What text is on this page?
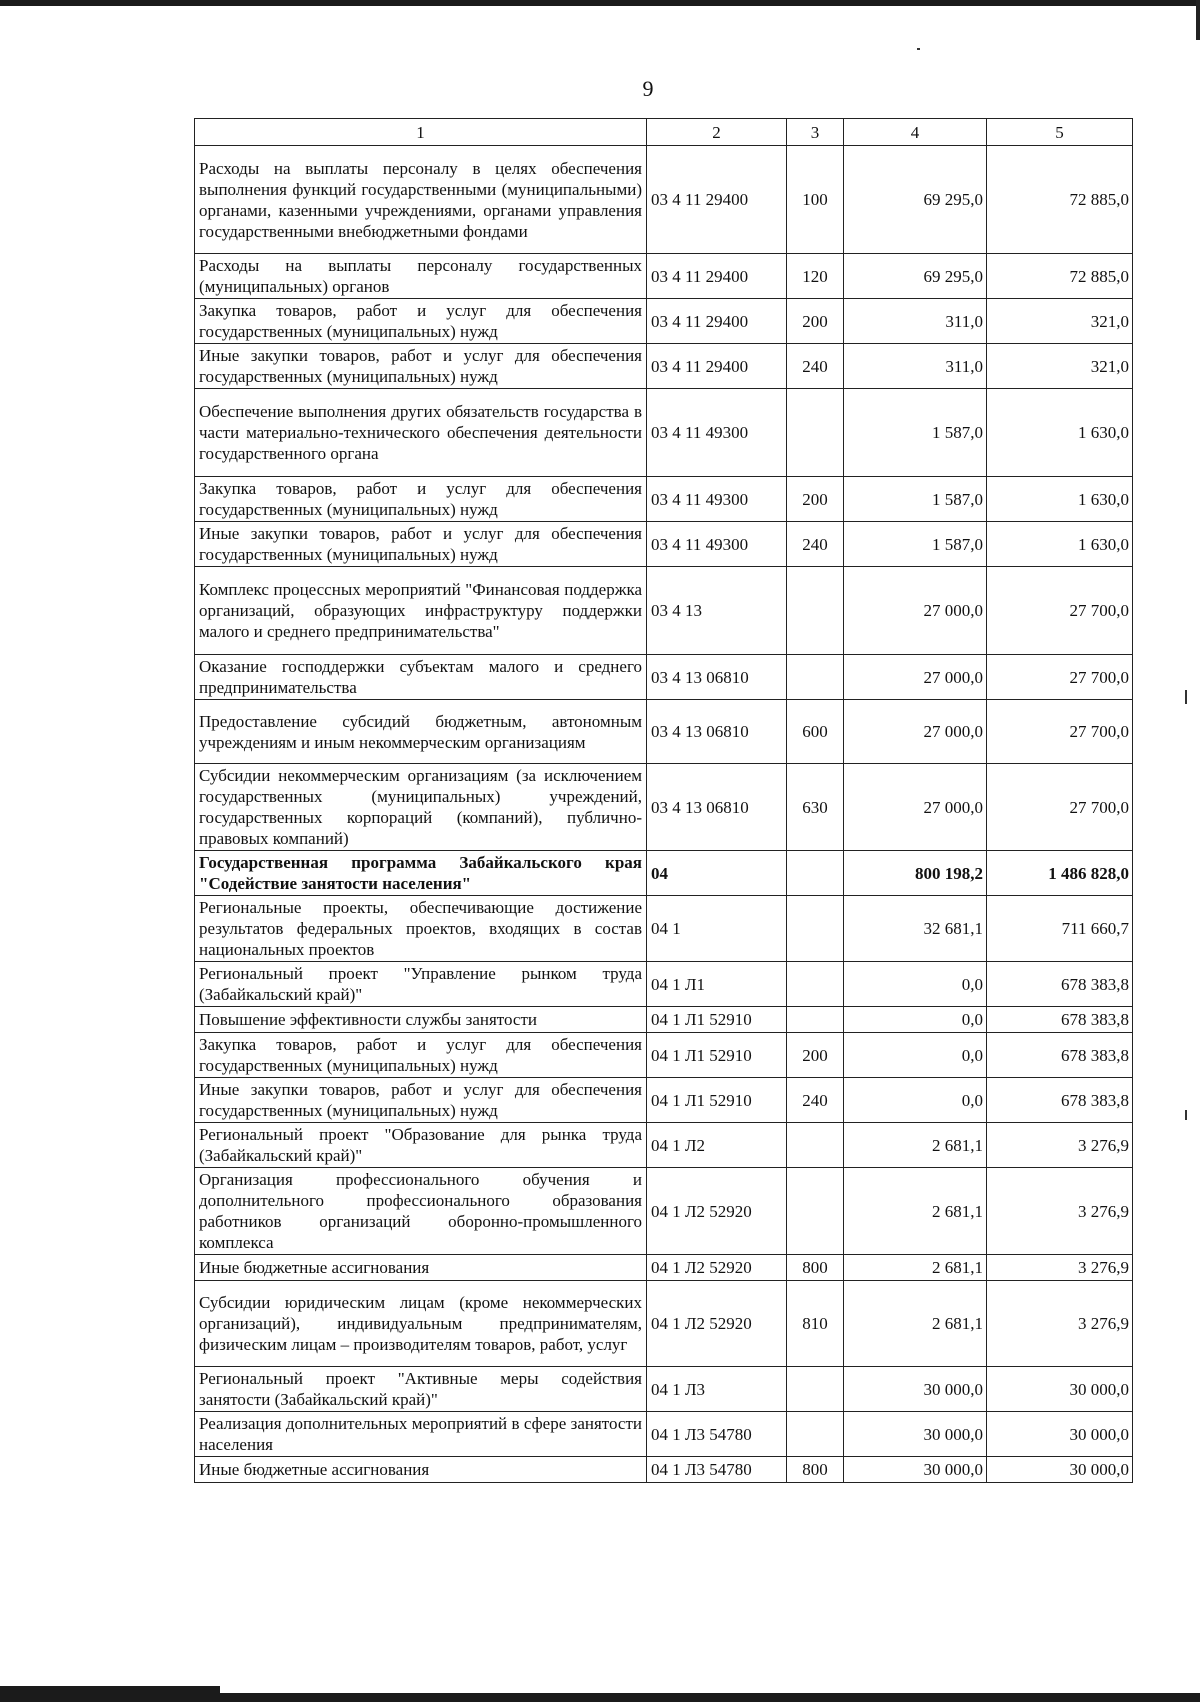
9
1	2	3	4	5
Расходы на выплаты персоналу в целях обеспечения выполнения функций государственными (муниципальными) органами, казенными учреждениями, органами управления государственными внебюджетными фондами	03 4 11 29400	100	69 295,0	72 885,0
Расходы на выплаты персоналу государственных (муниципальных) органов	03 4 11 29400	120	69 295,0	72 885,0
Закупка товаров, работ и услуг для обеспечения государственных (муниципальных) нужд	03 4 11 29400	200	311,0	321,0
Иные закупки товаров, работ и услуг для обеспечения государственных (муниципальных) нужд	03 4 11 29400	240	311,0	321,0
Обеспечение выполнения других обязательств государства в части материально-технического обеспечения деятельности государственного органа	03 4 11 49300		1 587,0	1 630,0
Закупка товаров, работ и услуг для обеспечения государственных (муниципальных) нужд	03 4 11 49300	200	1 587,0	1 630,0
Иные закупки товаров, работ и услуг для обеспечения государственных (муниципальных) нужд	03 4 11 49300	240	1 587,0	1 630,0
Комплекс процессных мероприятий "Финансовая поддержка организаций, образующих инфраструктуру поддержки малого и среднего предпринимательства"	03 4 13		27 000,0	27 700,0
Оказание господдержки субъектам малого и среднего предпринимательства	03 4 13 06810		27 000,0	27 700,0
Предоставление субсидий бюджетным, автономным учреждениям и иным некоммерческим организациям	03 4 13 06810	600	27 000,0	27 700,0
Субсидии некоммерческим организациям (за исключением государственных (муниципальных) учреждений, государственных корпораций (компаний), публично-правовых компаний)	03 4 13 06810	630	27 000,0	27 700,0
Государственная программа Забайкальского края "Содействие занятости населения"	04		800 198,2	1 486 828,0
Региональные проекты, обеспечивающие достижение результатов федеральных проектов, входящих в состав национальных проектов	04 1		32 681,1	711 660,7
Региональный проект "Управление рынком труда (Забайкальский край)"	04 1 Л1		0,0	678 383,8
Повышение эффективности службы занятости	04 1 Л1 52910		0,0	678 383,8
Закупка товаров, работ и услуг для обеспечения государственных (муниципальных) нужд	04 1 Л1 52910	200	0,0	678 383,8
Иные закупки товаров, работ и услуг для обеспечения государственных (муниципальных) нужд	04 1 Л1 52910	240	0,0	678 383,8
Региональный проект "Образование для рынка труда (Забайкальский край)"	04 1 Л2		2 681,1	3 276,9
Организация профессионального обучения и дополнительного профессионального образования работников организаций оборонно-промышленного комплекса	04 1 Л2 52920		2 681,1	3 276,9
Иные бюджетные ассигнования	04 1 Л2 52920	800	2 681,1	3 276,9
Субсидии юридическим лицам (кроме некоммерческих организаций), индивидуальным предпринимателям, физическим лицам – производителям товаров, работ, услуг	04 1 Л2 52920	810	2 681,1	3 276,9
Региональный проект "Активные меры содействия занятости (Забайкальский край)"	04 1 Л3		30 000,0	30 000,0
Реализация дополнительных мероприятий в сфере занятости населения	04 1 Л3 54780		30 000,0	30 000,0
Иные бюджетные ассигнования	04 1 Л3 54780	800	30 000,0	30 000,0
